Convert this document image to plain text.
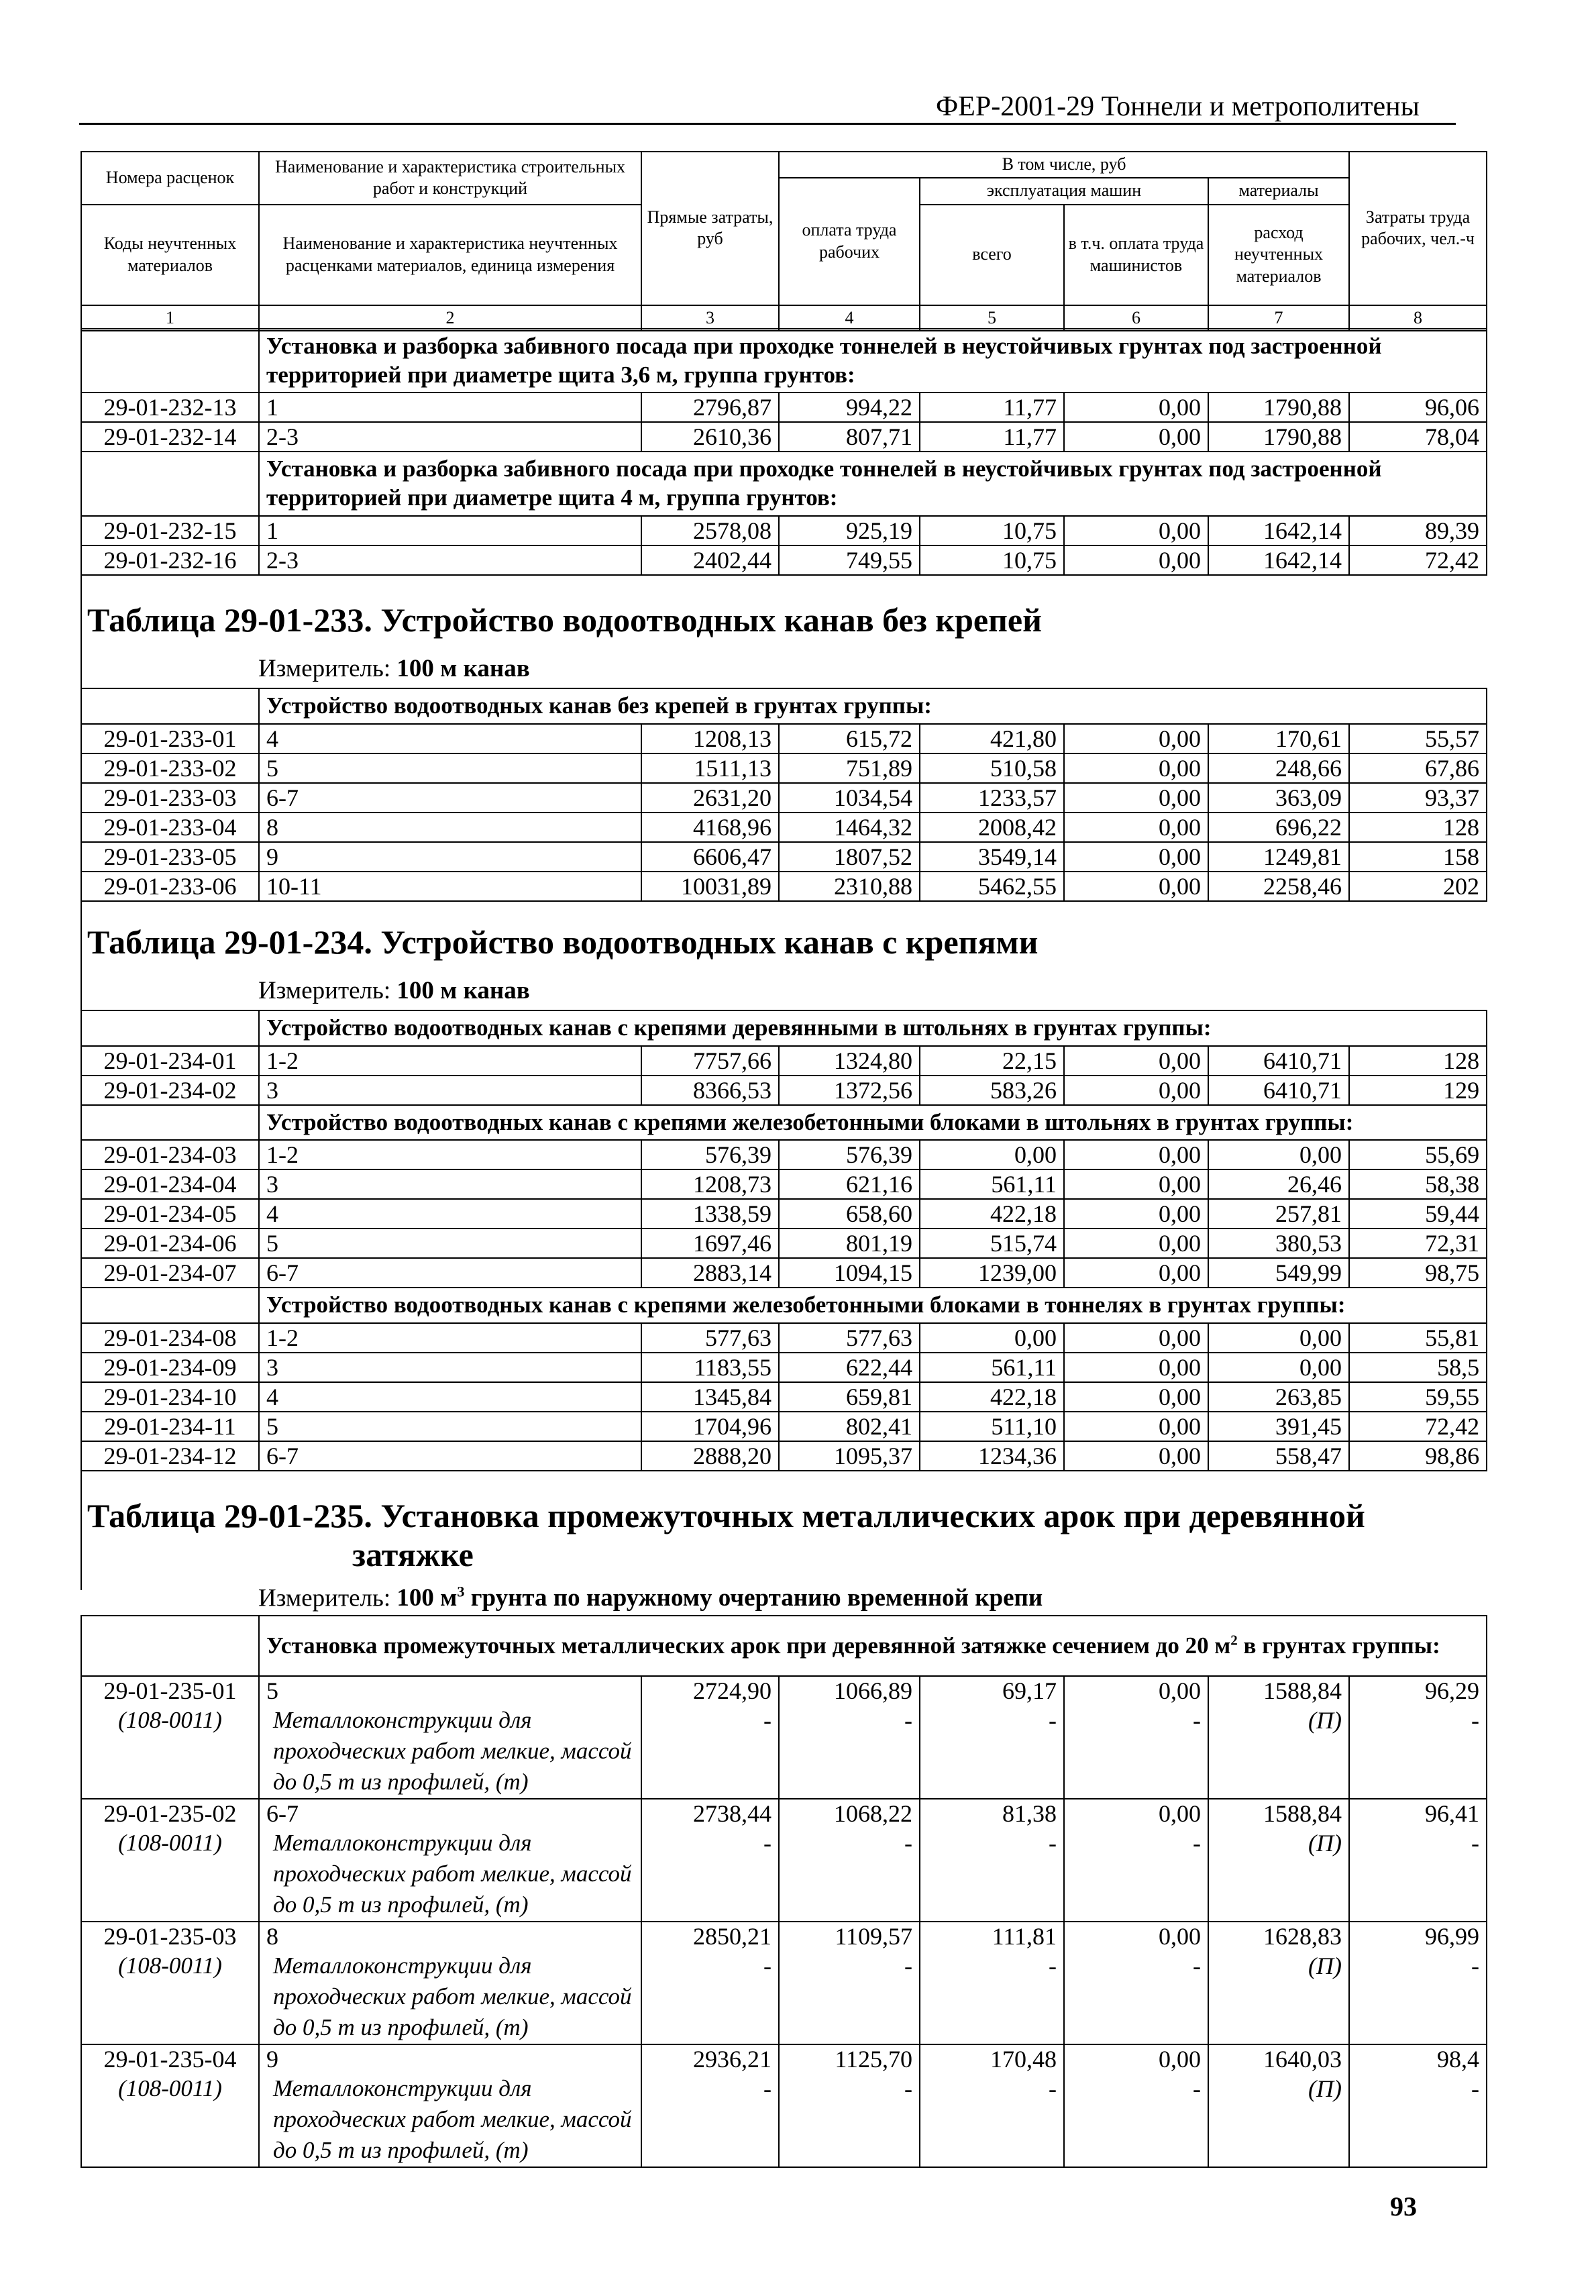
ФЕР-2001-29 Тоннели и метрополитены
Номера расценок	Наименование и характеристика строительных работ и конструкций	Прямые затраты, руб	В том числе, руб				Затраты труда рабочих, чел.-ч
			оплата труда рабочих	эксплуатация машин		материалы	
Коды неучтенных материалов	Наименование и характеристика неучтенных расценками материалов, единица измерения			всего	в т.ч. оплата труда машинистов	расход неучтенных материалов	
1	2	3	4	5	6	7	8
	Установка и разборка забивного посада при проходке тоннелей в неустойчивых грунтах под застроенной территорией при диаметре щита 3,6 м, группа грунтов:						
29-01-232-13	1	2796,87	994,22	11,77	0,00	1790,88	96,06
29-01-232-14	2-3	2610,36	807,71	11,77	0,00	1790,88	78,04
	Установка и разборка забивного посада при проходке тоннелей в неустойчивых грунтах под застроенной территорией при диаметре щита 4 м, группа грунтов:						
29-01-232-15	1	2578,08	925,19	10,75	0,00	1642,14	89,39
29-01-232-16	2-3	2402,44	749,55	10,75	0,00	1642,14	72,42
Таблица 29-01-233. Устройство водоотводных канав без крепей
Измеритель: 100 м канав
	Устройство водоотводных канав без крепей в грунтах группы:						
29-01-233-01	4	1208,13	615,72	421,80	0,00	170,61	55,57
29-01-233-02	5	1511,13	751,89	510,58	0,00	248,66	67,86
29-01-233-03	6-7	2631,20	1034,54	1233,57	0,00	363,09	93,37
29-01-233-04	8	4168,96	1464,32	2008,42	0,00	696,22	128
29-01-233-05	9	6606,47	1807,52	3549,14	0,00	1249,81	158
29-01-233-06	10-11	10031,89	2310,88	5462,55	0,00	2258,46	202
Таблица 29-01-234. Устройство водоотводных канав с крепями
Измеритель: 100 м канав
	Устройство водоотводных канав с крепями деревянными в штольнях в грунтах группы:						
29-01-234-01	1-2	7757,66	1324,80	22,15	0,00	6410,71	128
29-01-234-02	3	8366,53	1372,56	583,26	0,00	6410,71	129
	Устройство водоотводных канав с крепями железобетонными блоками в штольнях в грунтах группы:						
29-01-234-03	1-2	576,39	576,39	0,00	0,00	0,00	55,69
29-01-234-04	3	1208,73	621,16	561,11	0,00	26,46	58,38
29-01-234-05	4	1338,59	658,60	422,18	0,00	257,81	59,44
29-01-234-06	5	1697,46	801,19	515,74	0,00	380,53	72,31
29-01-234-07	6-7	2883,14	1094,15	1239,00	0,00	549,99	98,75
	Устройство водоотводных канав с крепями железобетонными блоками в тоннелях в грунтах группы:						
29-01-234-08	1-2	577,63	577,63	0,00	0,00	0,00	55,81
29-01-234-09	3	1183,55	622,44	561,11	0,00	0,00	58,5
29-01-234-10	4	1345,84	659,81	422,18	0,00	263,85	59,55
29-01-234-11	5	1704,96	802,41	511,10	0,00	391,45	72,42
29-01-234-12	6-7	2888,20	1095,37	1234,36	0,00	558,47	98,86
Таблица 29-01-235. Установка промежуточных металлических арок при деревянной
затяжке
Измеритель: 100 $м^3$ грунта по наружному очертанию временной крепи
	Установка промежуточных металлических арок при деревянной затяжке сечением до 20 $м^2$ в грунтах группы:						
29-01-235-01	5	2724,90	1066,89	69,17	0,00	1588,84	96,29
(108-0011)	Металлоконструкции для проходческих работ мелкие, массой до 0,5 т из профилей, (т)	-	-	-	-	(П)	-
29-01-235-02	6-7	2738,44	1068,22	81,38	0,00	1588,84	96,41
(108-0011)	Металлоконструкции для проходческих работ мелкие, массой до 0,5 т из профилей, (т)	-	-	-	-	(П)	-
29-01-235-03	8	2850,21	1109,57	111,81	0,00	1628,83	96,99
(108-0011)	Металлоконструкции для проходческих работ мелкие, массой до 0,5 т из профилей, (т)	-	-	-	-	(П)	-
29-01-235-04	9	2936,21	1125,70	170,48	0,00	1640,03	98,4
(108-0011)	Металлоконструкции для проходческих работ мелкие, массой до 0,5 т из профилей, (т)	-	-	-	-	(П)	-
93
